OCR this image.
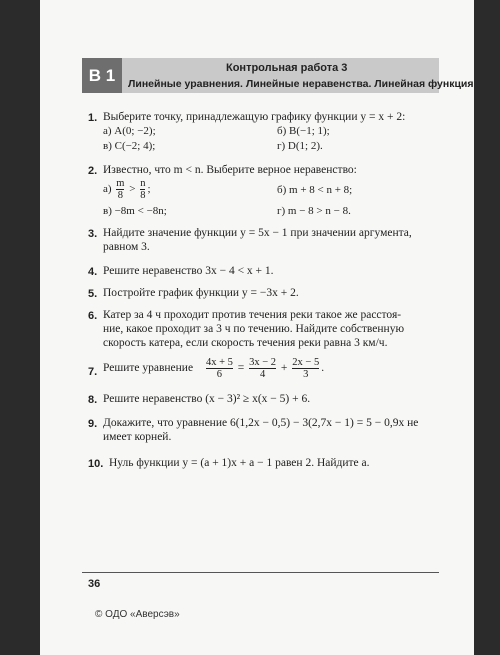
В 1	Контрольная работа 3
Линейные уравнения. Линейные неравенства. Линейная функция
1. Выберите точку, принадлежащую графику функции y = x + 2:
а) A(0; −2);	б) B(−1; 1);
в) C(−2; 4);	г) D(1; 2).
2. Известно, что m < n. Выберите верное неравенство:
$а) \frac{m}{8} > \frac{n}{8}$ ;	б) m + 8 < n + 8;
в) −8m < −8n;	г) m − 8 > n − 8.
3. Найдите значение функции y = 5x − 1 при значении аргумента,
равном 3.
4. Решите неравенство 3x − 4 < x + 1.
5. Постройте график функции y = −3x + 2.
6. Катер за 4 ч проходит против течения реки такое же расстоя-
ние, какое проходит за 3 ч по течению. Найдите собственную
скорость катера, если скорость течения реки равна 3 км/ч.
7. Решите уравнение $\frac{4x + 5}{6} = \frac{3x - 2}{4} + \frac{2x - 5}{3}$ .
8. Решите неравенство (x − 3)² ≥ x(x − 5) + 6.
9. Докажите, что уравнение 6(1,2x − 0,5) − 3(2,7x − 1) = 5 − 0,9x не
имеет корней.
10. Нуль функции y = (a + 1)x + a − 1 равен 2. Найдите a.
36
© ОДО «Аверсэв»
